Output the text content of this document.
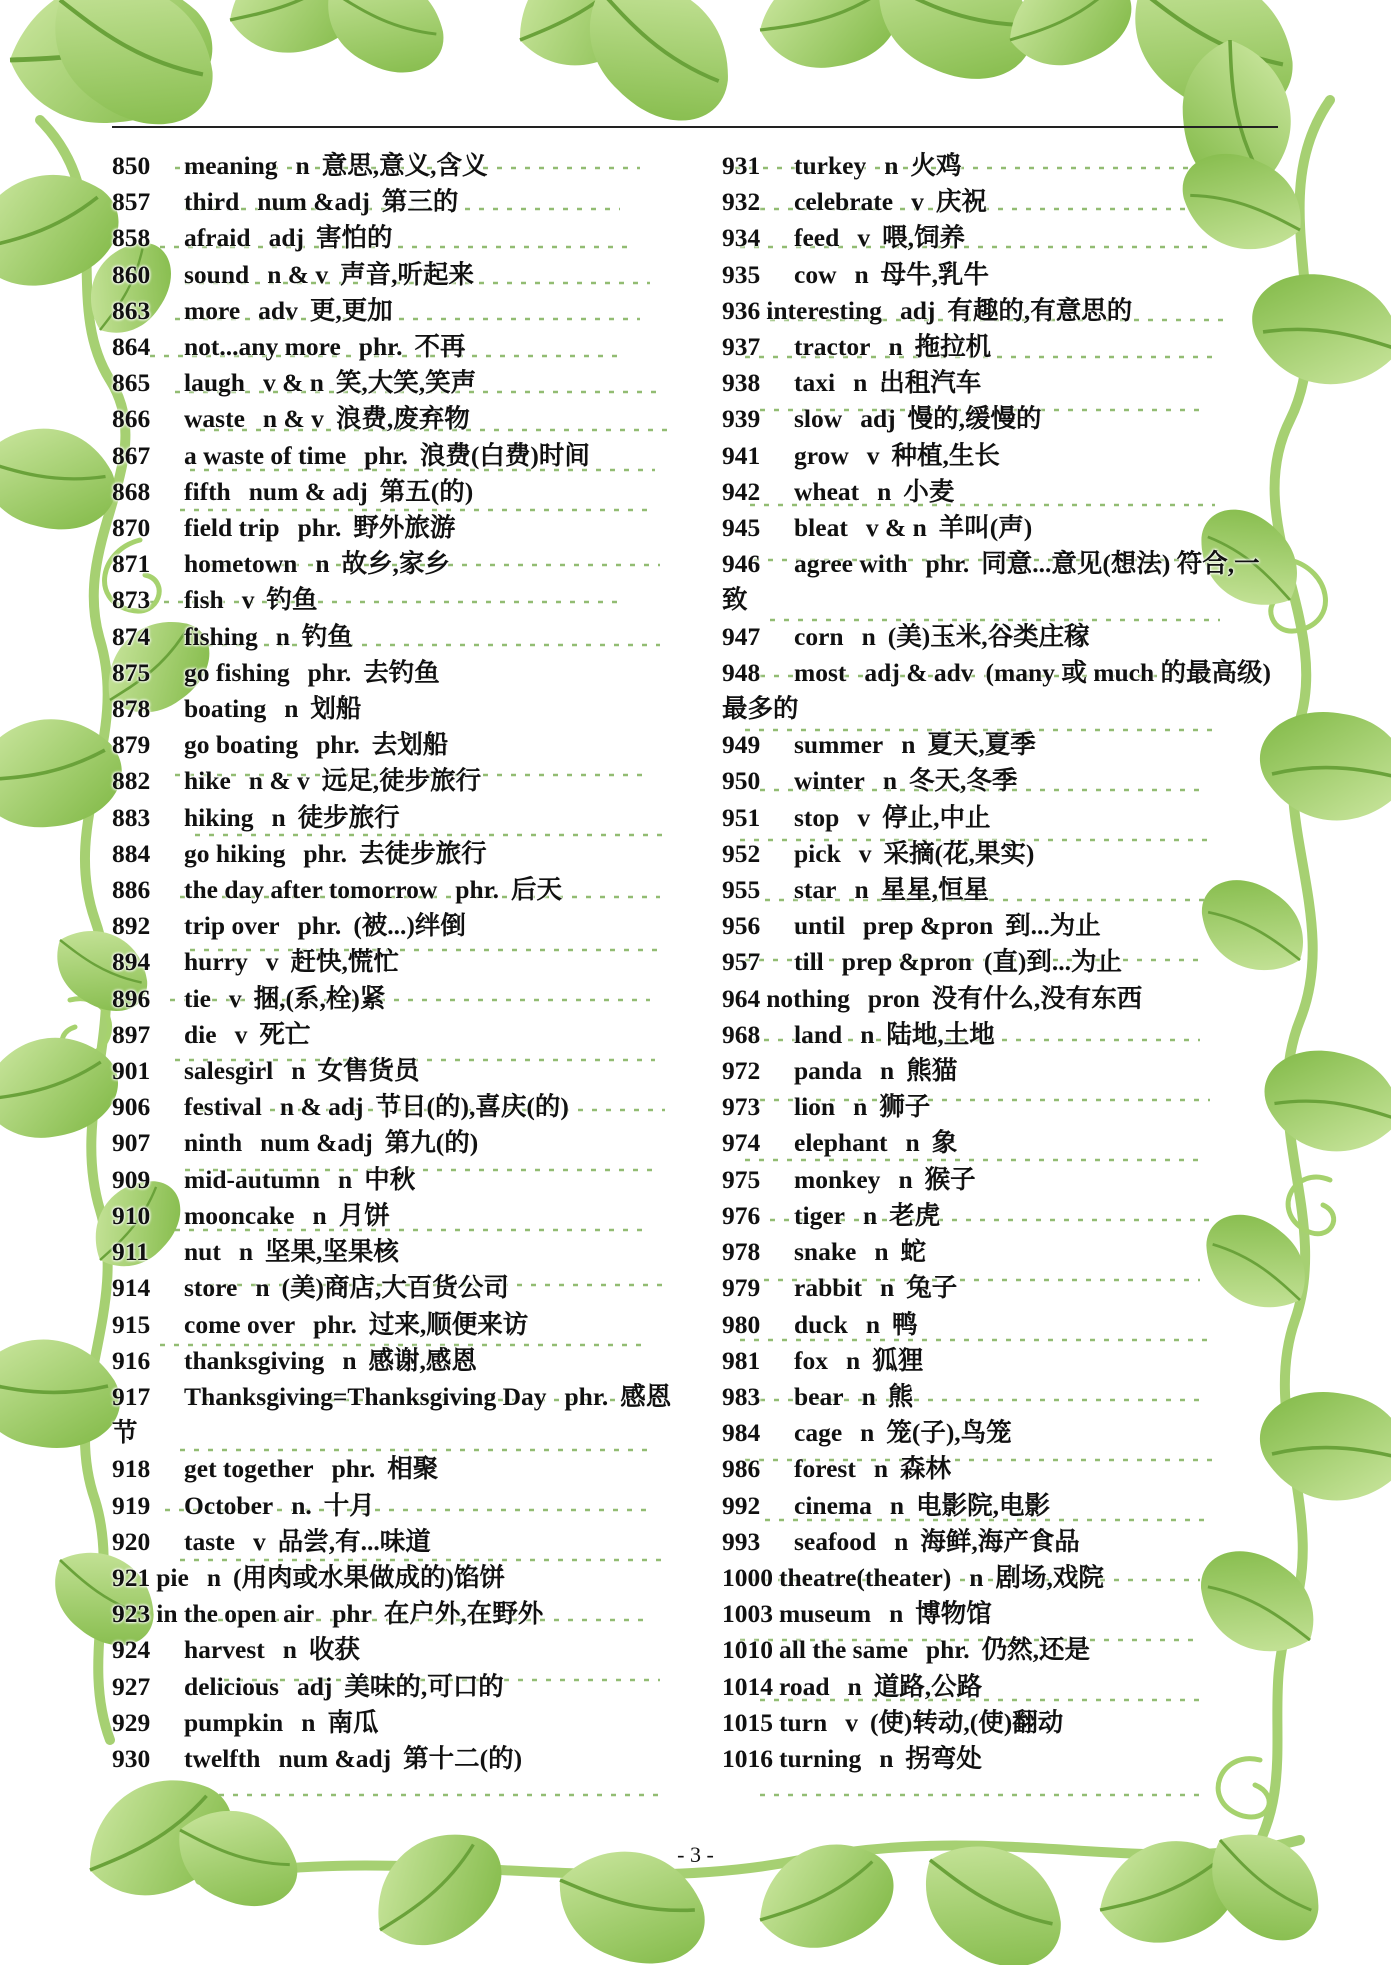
850 meaning n 意思,意义,含义
857 third num &adj 第三的
858 afraid adj 害怕的
860 sound n & v 声音,听起来
863 more adv 更,更加
864 not...any more phr. 不再
865 laugh v & n 笑,大笑,笑声
866 waste n & v 浪费,废弃物
867 a waste of time phr. 浪费(白费)时间
868 fifth num & adj 第五(的)
870 field trip phr. 野外旅游
871 hometown n 故乡,家乡
873 fish v 钓鱼
874 fishing n 钓鱼
875 go fishing phr. 去钓鱼
878 boating n 划船
879 go boating phr. 去划船
882 hike n & v 远足,徒步旅行
883 hiking n 徒步旅行
884 go hiking phr. 去徒步旅行
886 the day after tomorrow phr. 后天
892 trip over phr. (被...)绊倒
894 hurry v 赶快,慌忙
896 tie v 捆,(系,栓)紧
897 die v 死亡
901 salesgirl n 女售货员
906 festival n & adj 节日(的),喜庆(的)
907 ninth num &adj 第九(的)
909 mid-autumn n 中秋
910 mooncake n 月饼
911 nut n 坚果,坚果核
914 store n (美)商店,大百货公司
915 come over phr. 过来,顺便来访
916 thanksgiving n 感谢,感恩
917 Thanksgiving=Thanksgiving Day phr. 感恩节
918 get together phr. 相聚
919 October n. 十月
920 taste v 品尝,有...味道
921 pie n (用肉或水果做成的)馅饼
923 in the open air phr 在户外,在野外
924 harvest n 收获
927 delicious adj 美味的,可口的
929 pumpkin n 南瓜
930 twelfth num &adj 第十二(的)
931 turkey n 火鸡
932 celebrate v 庆祝
934 feed v 喂,饲养
935 cow n 母牛,乳牛
936 interesting adj 有趣的,有意思的
937 tractor n 拖拉机
938 taxi n 出租汽车
939 slow adj 慢的,缓慢的
941 grow v 种植,生长
942 wheat n 小麦
945 bleat v & n 羊叫(声)
946 agree with phr. 同意...意见(想法) 符合,一致
947 corn n (美)玉米,谷类庄稼
948 most adj & adv (many 或 much 的最高级)最多的
949 summer n 夏天,夏季
950 winter n 冬天,冬季
951 stop v 停止,中止
952 pick v 采摘(花,果实)
955 star n 星星,恒星
956 until prep &pron 到...为止
957 till prep &pron (直)到...为止
964 nothing pron 没有什么,没有东西
968 land n 陆地,土地
972 panda n 熊猫
973 lion n 狮子
974 elephant n 象
975 monkey n 猴子
976 tiger n 老虎
978 snake n 蛇
979 rabbit n 兔子
980 duck n 鸭
981 fox n 狐狸
983 bear n 熊
984 cage n 笼(子),鸟笼
986 forest n 森林
992 cinema n 电影院,电影
993 seafood n 海鲜,海产食品
1000 theatre(theater) n 剧场,戏院
1003 museum n 博物馆
1010 all the same phr. 仍然,还是
1014 road n 道路,公路
1015 turn v (使)转动,(使)翻动
1016 turning n 拐弯处
- 3 -
